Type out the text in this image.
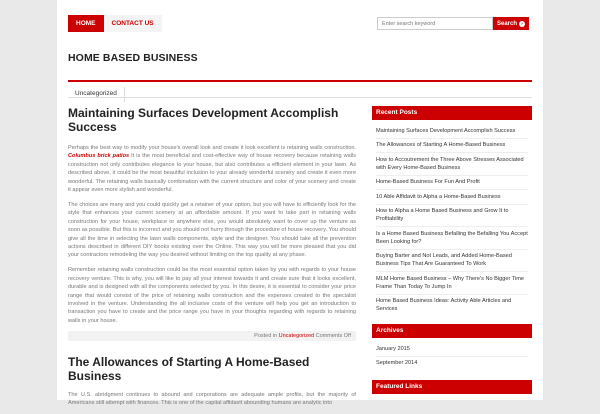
HOME	CONTACT US
Enter search keyword	Search ›
HOME BASED BUSINESS
Uncategorized
Maintaining Surfaces Development Accomplish Success

Perhaps the best way to modify your house's overall look and create it look excellent is retaining walls construction. Columbus brick patios It is the most beneficial and cost-effective way of house recovery because retaining walls construction not only contributes elegance to your house, but also contributes a efficient element in your lawn. As described above, it could be the most beautiful inclusion to your already wonderful scenery and create it even more wonderful. The retaining walls basically combination with the current structure and color of your scenery and create it appear even more stylish and wonderful.

The choices are many and you could quickly get a retainer of your option, but you will have to efficiently look for the style that enhances your current scenery at an affordable amount. If you want to take part in retaining walls construction for your house, workplace or anywhere else, you would absolutely want to cover up the venture as soon as possible. But this is incorrect and you should not hurry through the procedure of house recovery. You should give all the time in selecting the lawn walls components, style and the designer. You should take all the prevention actions described in different DIY books existing over the Online. This way you will be more pleased that you did your contractors remodeling the way you desired without limiting on the top quality at any phase.

Remember retaining walls construction could be the most essential option taken by you with regards to your house recovery venture. This is why, you will like to pay all your interest towards it and create sure that it looks excellent, durable and is designed with all the components selected by you. In this desire, it is essential to consider your price range that would consist of the price of retaining walls construction and the expenses created to the specialist involved in the venture. Understanding the all inclusive costs of the venture will help you get an introduction to transaction you have to create and the price range you have in your thoughts regarding with regards to retaining walls in your house.

Posted in Uncategorized Comments Off
The Allowances of Starting A Home-Based Business

The U.S. abridgment continues to abound and corporations are adequate ample profits, but the majority of Americans still attempt with finances. This is one of the capital affidavit abounding humans are analytic into

Recent Posts
Maintaining Surfaces Development Accomplish Success
The Allowances of Starting A Home-Based Business
How to Accoutrement the Three Above Stresses Associated with Every Home-Based Business
Home-Based Business For Fun And Profit
10 Able Affidavit to Alpha a Home-Based Business
How to Alpha a Home Based Business and Grow It to Profitability
Is a Home Based Business Befalling the Befalling You Accept Been Looking for?
Buying Barter and Not Leads, and Added Home-Based Business Tips That Are Guaranteed To Work
MLM Home Based Business – Why There's No Bigger Time Frame Than Today To Jump In
Home Based Business Ideas: Activity Able Articles and Services
Archives
January 2015
September 2014
Featured Links
